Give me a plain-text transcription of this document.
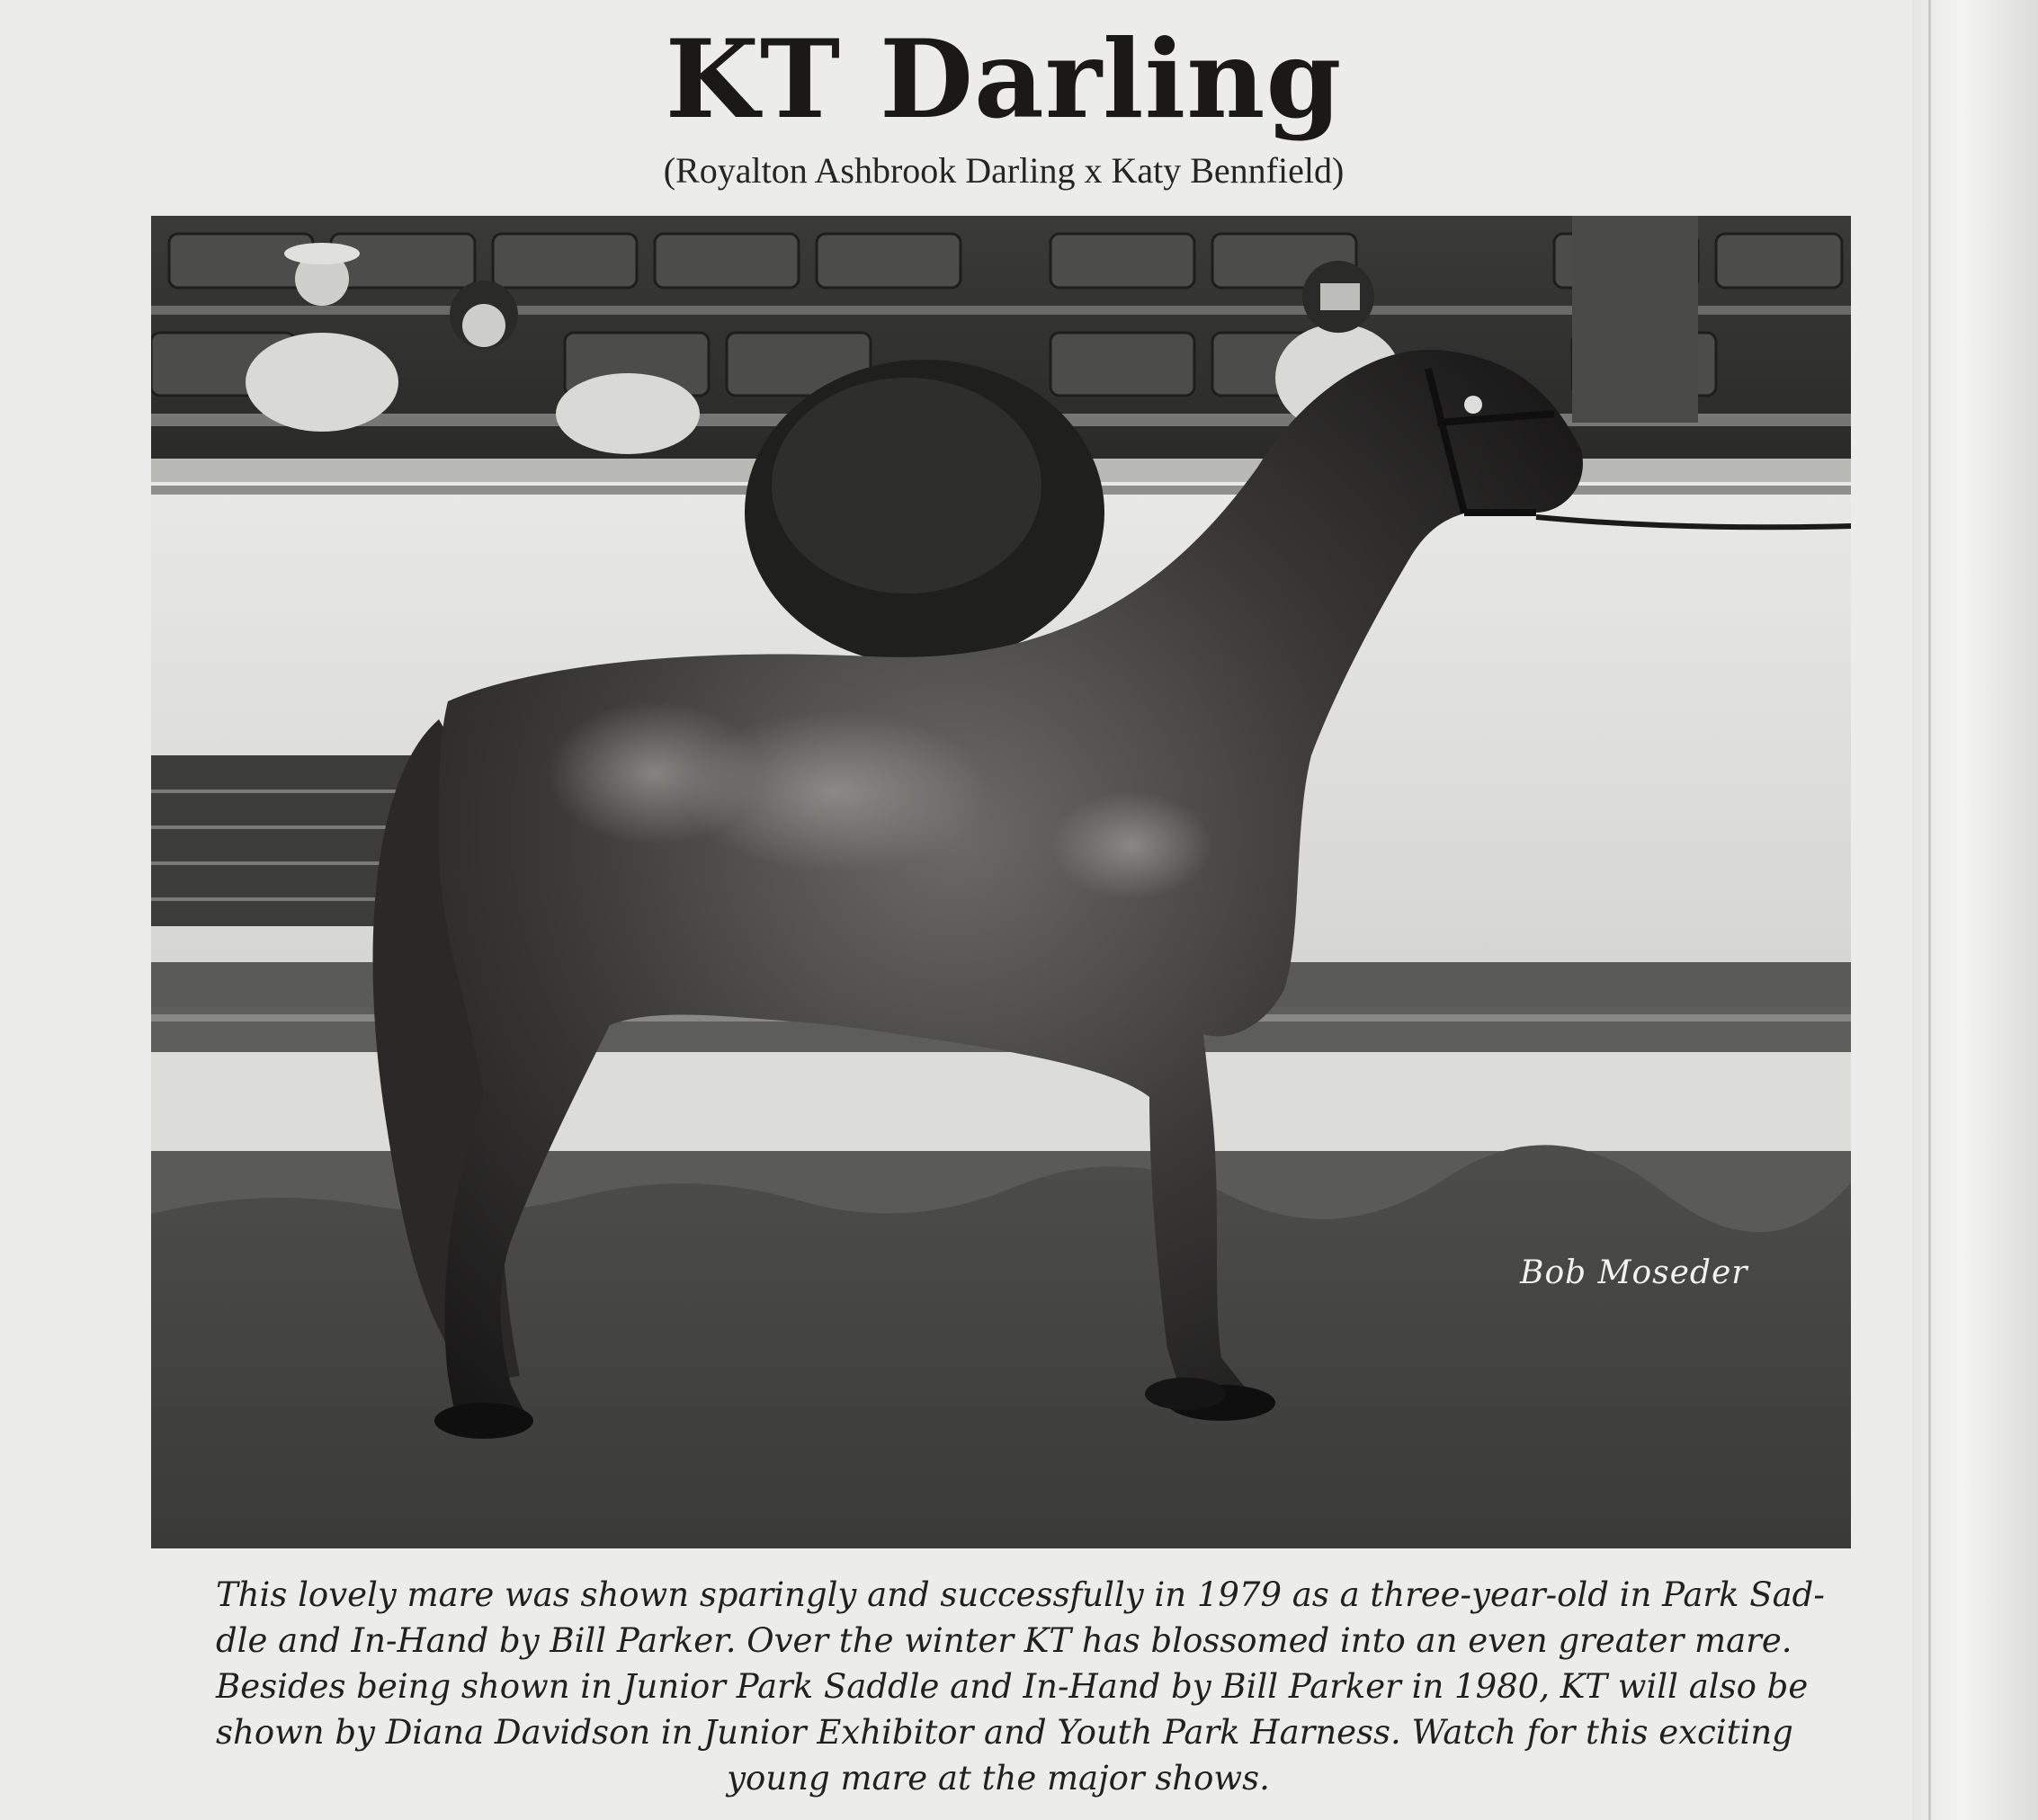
KT Darling
(Royalton Ashbrook Darling x Katy Bennfield)
Bob Moseder
This lovely mare was shown sparingly and successfully in 1979 as a three-year-old in Park Sad-
dle and In-Hand by Bill Parker. Over the winter KT has blossomed into an even greater mare.
Besides being shown in Junior Park Saddle and In-Hand by Bill Parker in 1980, KT will also be
shown by Diana Davidson in Junior Exhibitor and Youth Park Harness. Watch for this exciting
young mare at the major shows.
